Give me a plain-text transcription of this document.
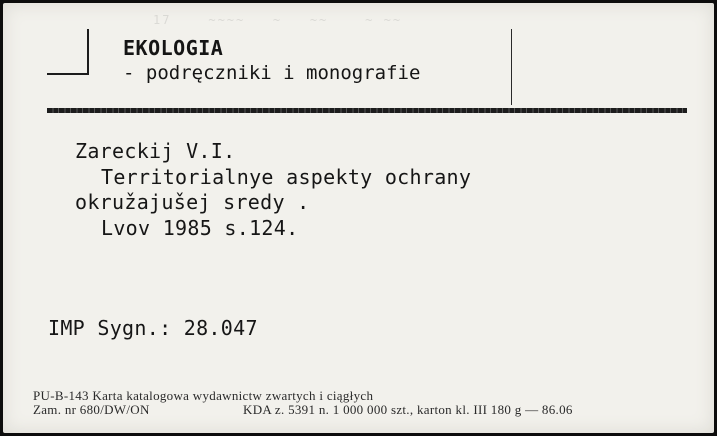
17    ~~~~   ~   ~~    ~ ~~
EKOLOGIA
- podręczniki i monografie
Zareckij V.I.
Territorialnye aspekty ochrany
okružajušej sredy .
Lvov 1985 s.124.
IMP Sygn.: 28.047
PU-B-143 Karta katalogowa wydawnictw zwartych i ciągłych
Zam. nr 680/DW/ON	KDA z. 5391 n. 1 000 000 szt., karton kl. III 180 g — 86.06
